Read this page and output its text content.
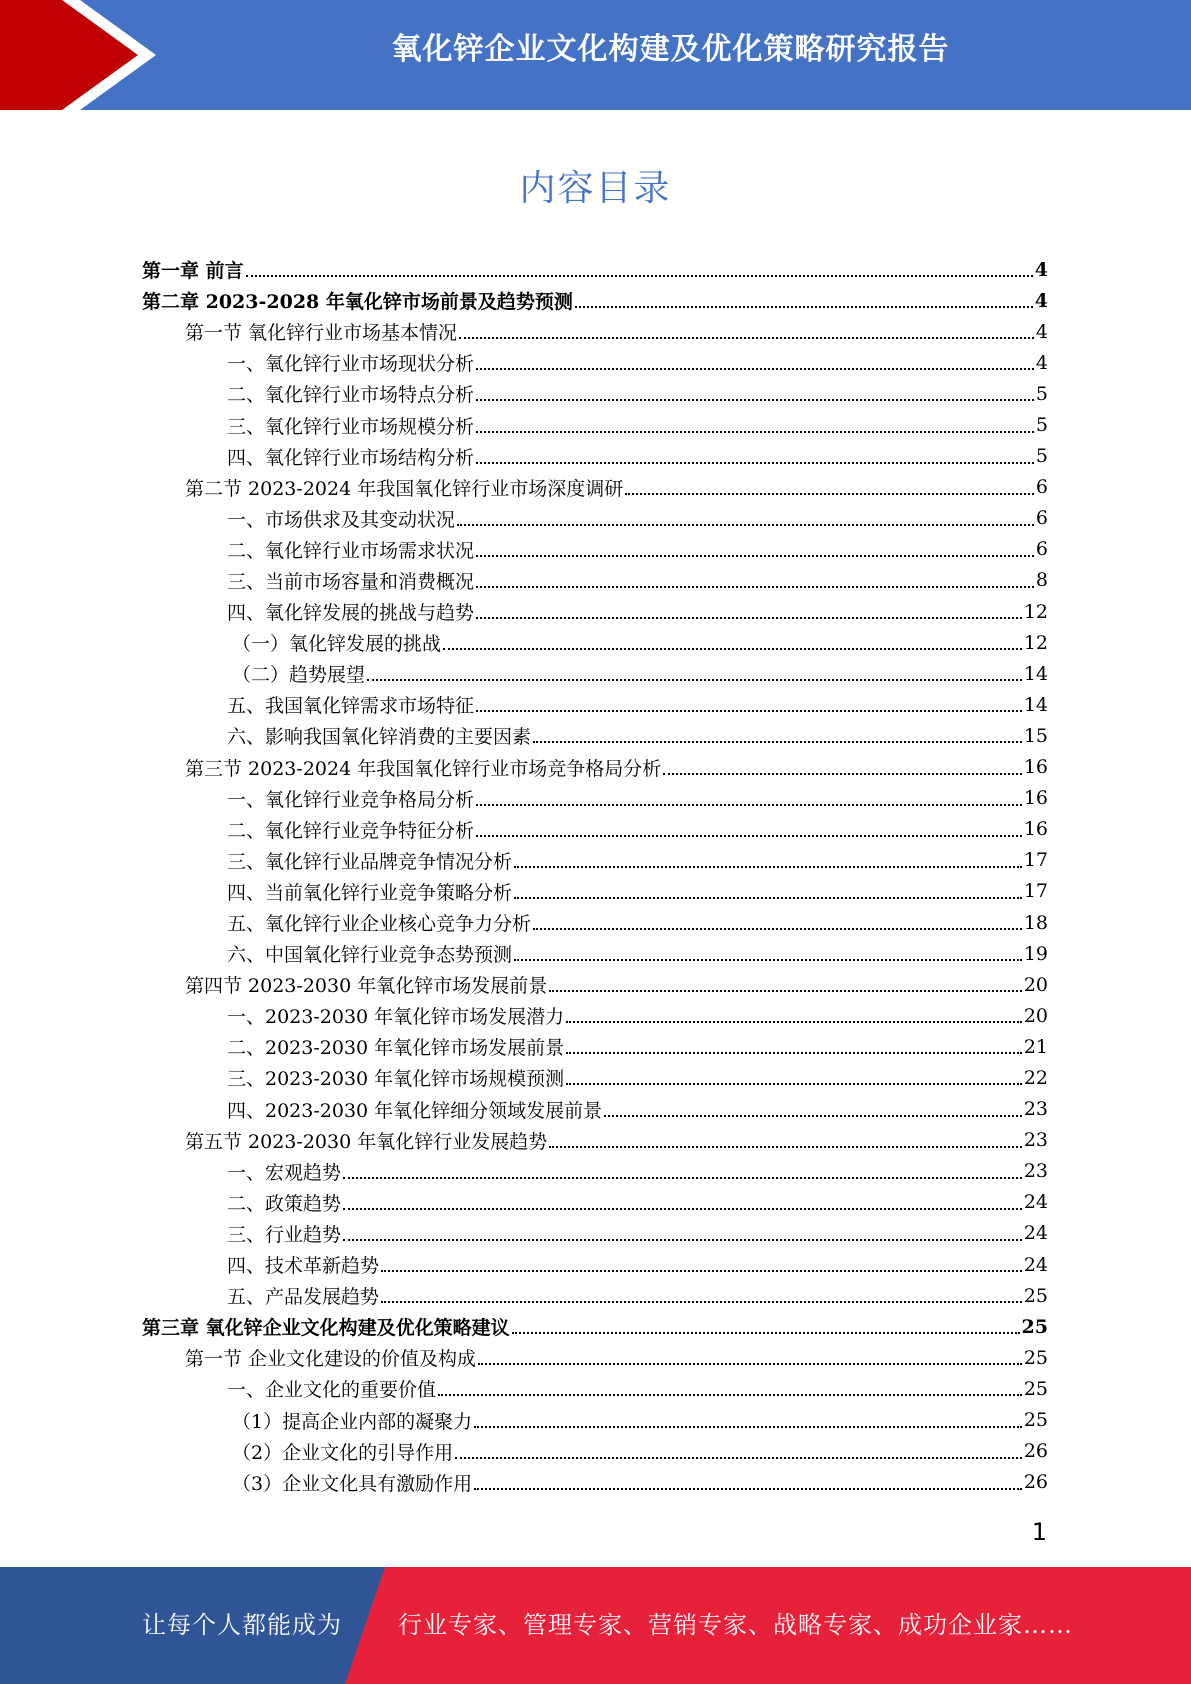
氧化锌企业文化构建及优化策略研究报告
内容目录
第一章 前言	4
第二章 2023-2028 年氧化锌市场前景及趋势预测	4
第一节 氧化锌行业市场基本情况	4
一、氧化锌行业市场现状分析	4
二、氧化锌行业市场特点分析	5
三、氧化锌行业市场规模分析	5
四、氧化锌行业市场结构分析	5
第二节 2023-2024 年我国氧化锌行业市场深度调研	6
一、市场供求及其变动状况	6
二、氧化锌行业市场需求状况	6
三、当前市场容量和消费概况	8
四、氧化锌发展的挑战与趋势	12
（一）氧化锌发展的挑战	12
（二）趋势展望	14
五、我国氧化锌需求市场特征	14
六、影响我国氧化锌消费的主要因素	15
第三节 2023-2024 年我国氧化锌行业市场竞争格局分析	16
一、氧化锌行业竞争格局分析	16
二、氧化锌行业竞争特征分析	16
三、氧化锌行业品牌竞争情况分析	17
四、当前氧化锌行业竞争策略分析	17
五、氧化锌行业企业核心竞争力分析	18
六、中国氧化锌行业竞争态势预测	19
第四节 2023-2030 年氧化锌市场发展前景	20
一、2023-2030 年氧化锌市场发展潜力	20
二、2023-2030 年氧化锌市场发展前景	21
三、2023-2030 年氧化锌市场规模预测	22
四、2023-2030 年氧化锌细分领域发展前景	23
第五节 2023-2030 年氧化锌行业发展趋势	23
一、宏观趋势	23
二、政策趋势	24
三、行业趋势	24
四、技术革新趋势	24
五、产品发展趋势	25
第三章 氧化锌企业文化构建及优化策略建议	25
第一节 企业文化建设的价值及构成	25
一、企业文化的重要价值	25
（1）提高企业内部的凝聚力	25
（2）企业文化的引导作用	26
（3）企业文化具有激励作用	26
1
让每个人都能成为 行业专家、管理专家、营销专家、战略专家、成功企业家……
